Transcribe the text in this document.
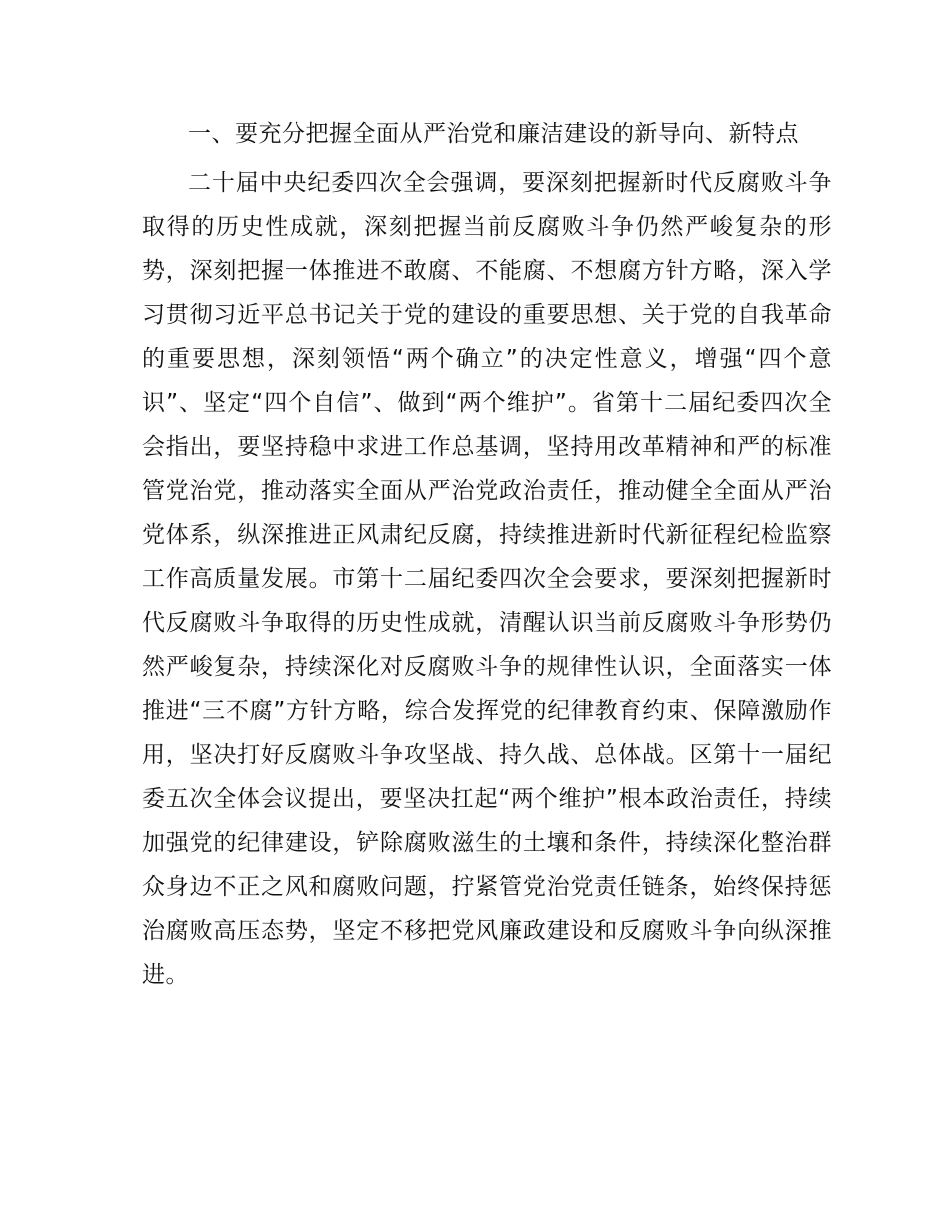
一、要充分把握全面从严治党和廉洁建设的新导向、新特点

二十届中央纪委四次全会强调，要深刻把握新时代反腐败斗争取得的历史性成就，深刻把握当前反腐败斗争仍然严峻复杂的形势，深刻把握一体推进不敢腐、不能腐、不想腐方针方略，深入学习贯彻习近平总书记关于党的建设的重要思想、关于党的自我革命的重要思想，深刻领悟“两个确立”的决定性意义，增强“四个意识”、坚定“四个自信”、做到“两个维护”。省第十二届纪委四次全会指出，要坚持稳中求进工作总基调，坚持用改革精神和严的标准管党治党，推动落实全面从严治党政治责任，推动健全全面从严治党体系，纵深推进正风肃纪反腐，持续推进新时代新征程纪检监察工作高质量发展。市第十二届纪委四次全会要求，要深刻把握新时代反腐败斗争取得的历史性成就，清醒认识当前反腐败斗争形势仍然严峻复杂，持续深化对反腐败斗争的规律性认识，全面落实一体推进“三不腐”方针方略，综合发挥党的纪律教育约束、保障激励作用，坚决打好反腐败斗争攻坚战、持久战、总体战。区第十一届纪委五次全体会议提出，要坚决扛起“两个维护”根本政治责任，持续加强党的纪律建设，铲除腐败滋生的土壤和条件，持续深化整治群众身边不正之风和腐败问题，拧紧管党治党责任链条，始终保持惩治腐败高压态势，坚定不移把党风廉政建设和反腐败斗争向纵深推进。
